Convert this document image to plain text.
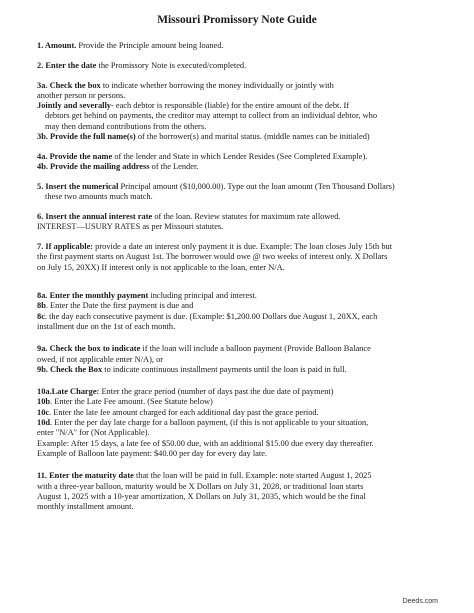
Missouri Promissory Note Guide
1. Amount. Provide the Principle amount being loaned.
2. Enter the date the Promissory Note is executed/completed.
3a. Check the box to indicate whether borrowing the money individually or jointly with
another person or persons.
Jointly and severally- each debtor is responsible (liable) for the entire amount of the debt. If
debtors get behind on payments, the creditor may attempt to collect from an individual debtor, who
may then demand contributions from the others.
3b. Provide the full name(s) of the borrower(s) and marital status. (middle names can be initialed)
4a. Provide the name of the lender and State in which Lender Resides (See Completed Example).
4b. Provide the mailing address of the Lender.
5. Insert the numerical Principal amount ($10,000.00). Type out the loan amount (Ten Thousand Dollars)
these two amounts much match.
6. Insert the annual interest rate of the loan. Review statutes for maximum rate allowed.
INTEREST—USURY RATES as per Missouri statutes.
7. If applicable: provide a date an interest only payment it is due. Example: The loan closes July 15th but
the first payment starts on August 1st. The borrower would owe @ two weeks of interest only. X Dollars
on July 15, 20XX) If interest only is not applicable to the loan, enter N/A.
8a. Enter the monthly payment including principal and interest.
8b. Enter the Date the first payment is due and
8c. the day each consecutive payment is due. (Example: $1,200.00 Dollars due August 1, 20XX, each
installment due on the 1st of each month.
9a. Check the box to indicate if the loan will include a balloon payment (Provide Balloon Balance
owed, if not applicable enter N/A), or
9b. Check the Box to indicate continuous installment payments until the loan is paid in full.
10a.Late Charge: Enter the grace period (number of days past the due date of payment)
10b. Enter the Late Fee amount. (See Statute below)
10c. Enter the late fee amount charged for each additional day past the grace period.
10d. Enter the per day late charge for a balloon payment, (if this is not applicable to your situation,
enter "N/A" for (Not Applicable).
Example: After 15 days, a late fee of $50.00 due, with an additional $15.00 due every day thereafter.
Example of Balloon late payment: $40.00 per day for every day late.
11. Enter the maturity date that the loan will be paid in full. Example: note started August 1, 2025
with a three-year balloon, maturity would be X Dollars on July 31, 2028, or traditional loan starts
August 1, 2025 with a 10-year amortization, X Dollars on July 31, 2035, which would be the final
monthly installment amount.
Deeds.com
